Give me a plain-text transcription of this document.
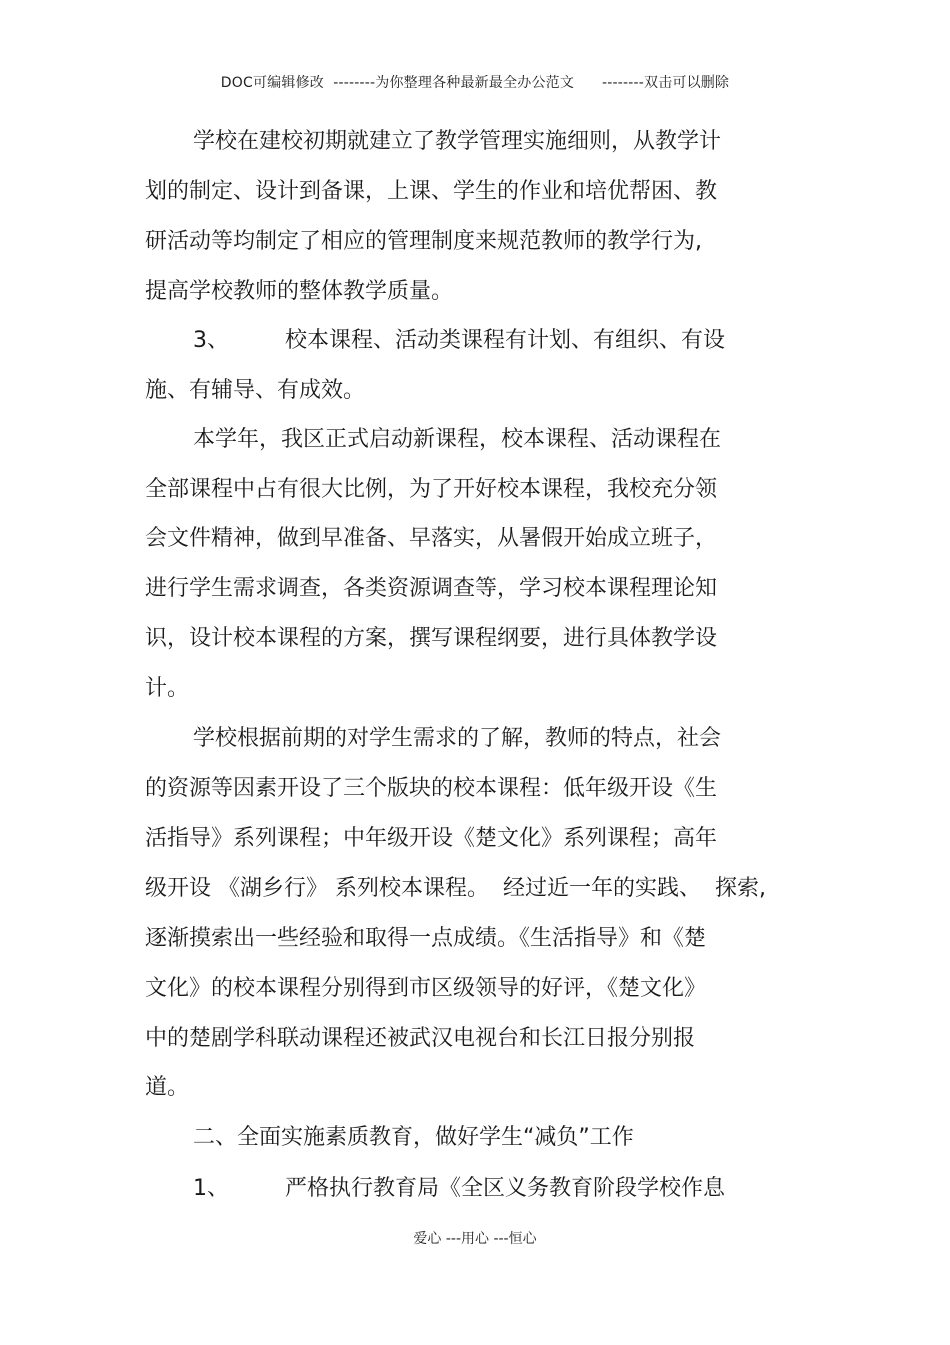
DOC可编辑修改  --------为你整理各种最新最全办公范文      --------双击可以删除
学校在建校初期就建立了教学管理实施细则，从教学计
划的制定、设计到备课，上课、学生的作业和培优帮困、教
研活动等均制定了相应的管理制度来规范教师的教学行为,
提高学校教师的整体教学质量。
3、        校本课程、活动类课程有计划、有组织、有设
施、有辅导、有成效。
本学年，我区正式启动新课程，校本课程、活动课程在
全部课程中占有很大比例，为了开好校本课程，我校充分领
会文件精神，做到早准备、早落实，从暑假开始成立班子，
进行学生需求调查，各类资源调查等，学习校本课程理论知
识，设计校本课程的方案，撰写课程纲要，进行具体教学设
计。
学校根据前期的对学生需求的了解，教师的特点，社会
的资源等因素开设了三个版块的校本课程：低年级开设《生
活指导》系列课程；中年级开设《楚文化》系列课程；高年
级开设 《湖乡行》 系列校本课程。  经过近一年的实践、  探索,
逐渐摸索出一些经验和取得一点成绩。《生活指导》和《楚
文化》的校本课程分别得到市区级领导的好评，《楚文化》
中的楚剧学科联动课程还被武汉电视台和长江日报分别报
道。
二、全面实施素质教育，做好学生“减负”工作
1、        严格执行教育局《全区义务教育阶段学校作息
爱心 ---用心 ---恒心
